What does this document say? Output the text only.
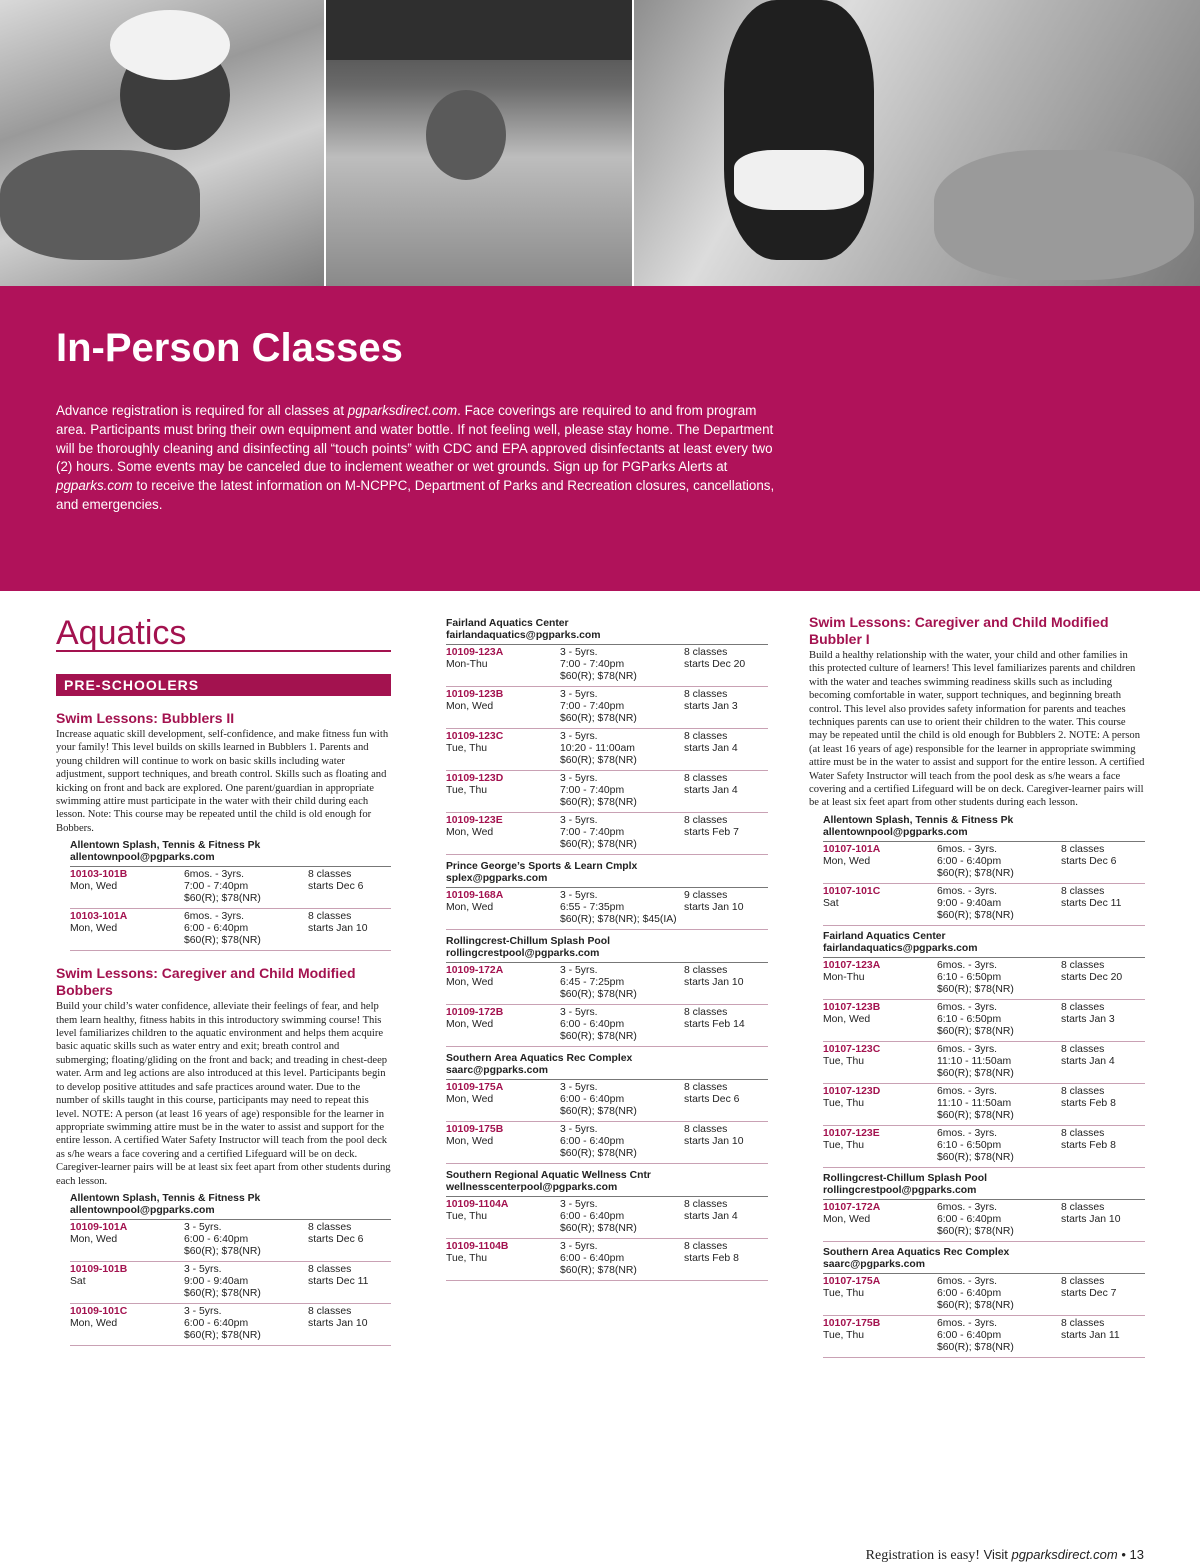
In-Person Classes

Advance registration is required for all classes at pgparksdirect.com. Face coverings are required to and from program area. Participants must bring their own equipment and water bottle. If not feeling well, please stay home. The Department will be thoroughly cleaning and disinfecting all “touch points” with CDC and EPA approved disinfectants at least every two (2) hours. Some events may be canceled due to inclement weather or wet grounds. Sign up for PGParks Alerts at pgparks.com to receive the latest information on M-NCPPC, Department of Parks and Recreation closures, cancellations, and emergencies.

Aquatics
PRE-SCHOOLERS
Swim Lessons: Bubblers II
Increase aquatic skill development, self-confidence, and make fitness fun with your family! This level builds on skills learned in Bubblers 1. Parents and young children will continue to work on basic skills including water adjustment, support techniques, and breath control. Skills such as floating and kicking on front and back are explored. One parent/guardian in appropriate swimming attire must participate in the water with their child during each lesson. Note: This course may be repeated until the child is old enough for Bobbers.
Allentown Splash, Tennis & Fitness Pk
allentownpool@pgparks.com
10103-101B
Mon, Wed
6mos. - 3yrs.
7:00 - 7:40pm
$60(R); $78(NR)
8 classes
starts Dec 6
10103-101A
Mon, Wed
6mos. - 3yrs.
6:00 - 6:40pm
$60(R); $78(NR)
8 classes
starts Jan 10
Swim Lessons: Caregiver and Child Modified Bobbers
Build your child’s water confidence, alleviate their feelings of fear, and help them learn healthy, fitness habits in this introductory swimming course! This level familiarizes children to the aquatic environment and helps them acquire basic aquatic skills such as water entry and exit; breath control and submerging; floating/gliding on the front and back; and treading in chest-deep water. Arm and leg actions are also introduced at this level. Participants begin to develop positive attitudes and safe practices around water. Due to the number of skills taught in this course, participants may need to repeat this level. NOTE: A person (at least 16 years of age) responsible for the learner in appropriate swimming attire must be in the water to assist and support for the entire lesson. A certified Water Safety Instructor will teach from the pool deck as s/he wears a face covering and a certified Lifeguard will be on deck. Caregiver-learner pairs will be at least six feet apart from other students during each lesson.
Allentown Splash, Tennis & Fitness Pk
allentownpool@pgparks.com
10109-101A
Mon, Wed
3 - 5yrs.
6:00 - 6:40pm
$60(R); $78(NR)
8 classes
starts Dec 6
10109-101B
Sat
3 - 5yrs.
9:00 - 9:40am
$60(R); $78(NR)
8 classes
starts Dec 11
10109-101C
Mon, Wed
3 - 5yrs.
6:00 - 6:40pm
$60(R); $78(NR)
8 classes
starts Jan 10
Fairland Aquatics Center
fairlandaquatics@pgparks.com
10109-123A
Mon-Thu
3 - 5yrs.
7:00 - 7:40pm
$60(R); $78(NR)
8 classes
starts Dec 20
10109-123B
Mon, Wed
3 - 5yrs.
7:00 - 7:40pm
$60(R); $78(NR)
8 classes
starts Jan 3
10109-123C
Tue, Thu
3 - 5yrs.
10:20 - 11:00am
$60(R); $78(NR)
8 classes
starts Jan 4
10109-123D
Tue, Thu
3 - 5yrs.
7:00 - 7:40pm
$60(R); $78(NR)
8 classes
starts Jan 4
10109-123E
Mon, Wed
3 - 5yrs.
7:00 - 7:40pm
$60(R); $78(NR)
8 classes
starts Feb 7
Prince George’s Sports & Learn Cmplx
splex@pgparks.com
10109-168A
Mon, Wed
3 - 5yrs.
6:55 - 7:35pm
$60(R); $78(NR); $45(IA)
9 classes
starts Jan 10
Rollingcrest-Chillum Splash Pool
rollingcrestpool@pgparks.com
10109-172A
Mon, Wed
3 - 5yrs.
6:45 - 7:25pm
$60(R); $78(NR)
8 classes
starts Jan 10
10109-172B
Mon, Wed
3 - 5yrs.
6:00 - 6:40pm
$60(R); $78(NR)
8 classes
starts Feb 14
Southern Area Aquatics Rec Complex
saarc@pgparks.com
10109-175A
Mon, Wed
3 - 5yrs.
6:00 - 6:40pm
$60(R); $78(NR)
8 classes
starts Dec 6
10109-175B
Mon, Wed
3 - 5yrs.
6:00 - 6:40pm
$60(R); $78(NR)
8 classes
starts Jan 10
Southern Regional Aquatic Wellness Cntr
wellnesscenterpool@pgparks.com
10109-1104A
Tue, Thu
3 - 5yrs.
6:00 - 6:40pm
$60(R); $78(NR)
8 classes
starts Jan 4
10109-1104B
Tue, Thu
3 - 5yrs.
6:00 - 6:40pm
$60(R); $78(NR)
8 classes
starts Feb 8
Swim Lessons: Caregiver and Child Modified Bubbler I
Build a healthy relationship with the water, your child and other families in this protected culture of learners! This level familiarizes parents and children with the water and teaches swimming readiness skills such as including becoming comfortable in water, support techniques, and beginning breath control. This level also provides safety information for parents and teaches techniques parents can use to orient their children to the water. This course may be repeated until the child is old enough for Bubblers 2. NOTE: A person (at least 16 years of age) responsible for the learner in appropriate swimming attire must be in the water to assist and support for the entire lesson. A certified Water Safety Instructor will teach from the pool desk as s/he wears a face covering and a certified Lifeguard will be on deck. Caregiver-learner pairs will be at least six feet apart from other students during each lesson.
Allentown Splash, Tennis & Fitness Pk
allentownpool@pgparks.com
10107-101A
Mon, Wed
6mos. - 3yrs.
6:00 - 6:40pm
$60(R); $78(NR)
8 classes
starts Dec 6
10107-101C
Sat
6mos. - 3yrs.
9:00 - 9:40am
$60(R); $78(NR)
8 classes
starts Dec 11
Fairland Aquatics Center
fairlandaquatics@pgparks.com
10107-123A
Mon-Thu
6mos. - 3yrs.
6:10 - 6:50pm
$60(R); $78(NR)
8 classes
starts Dec 20
10107-123B
Mon, Wed
6mos. - 3yrs.
6:10 - 6:50pm
$60(R); $78(NR)
8 classes
starts Jan 3
10107-123C
Tue, Thu
6mos. - 3yrs.
11:10 - 11:50am
$60(R); $78(NR)
8 classes
starts Jan 4
10107-123D
Tue, Thu
6mos. - 3yrs.
11:10 - 11:50am
$60(R); $78(NR)
8 classes
starts Feb 8
10107-123E
Tue, Thu
6mos. - 3yrs.
6:10 - 6:50pm
$60(R); $78(NR)
8 classes
starts Feb 8
Rollingcrest-Chillum Splash Pool
rollingcrestpool@pgparks.com
10107-172A
Mon, Wed
6mos. - 3yrs.
6:00 - 6:40pm
$60(R); $78(NR)
8 classes
starts Jan 10
Southern Area Aquatics Rec Complex
saarc@pgparks.com
10107-175A
Tue, Thu
6mos. - 3yrs.
6:00 - 6:40pm
$60(R); $78(NR)
8 classes
starts Dec 7
10107-175B
Tue, Thu
6mos. - 3yrs.
6:00 - 6:40pm
$60(R); $78(NR)
8 classes
starts Jan 11
Registration is easy! Visit pgparksdirect.com • 13
